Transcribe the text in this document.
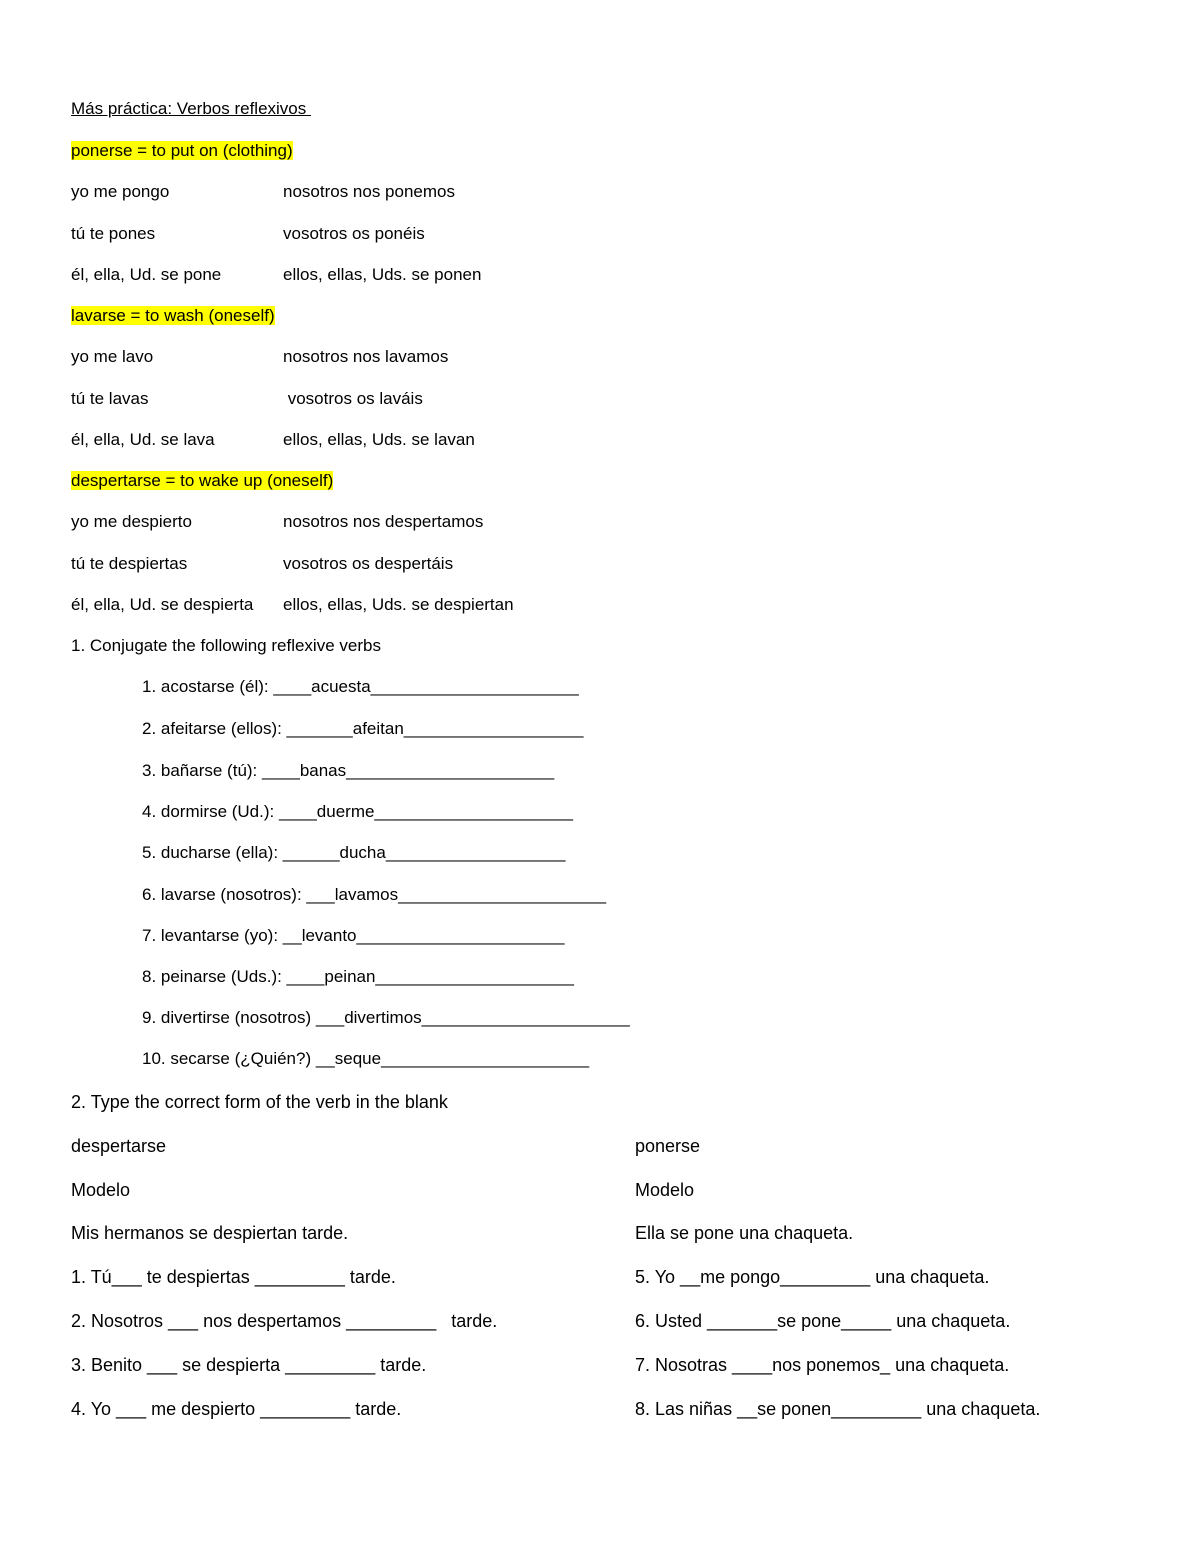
Más práctica: Verbos reflexivos
ponerse = to put on (clothing)
yo me pongo	nosotros nos ponemos
tú te pones	vosotros os ponéis
él, ella, Ud. se pone	ellos, ellas, Uds. se ponen
lavarse = to wash (oneself)
yo me lavo	nosotros nos lavamos
tú te lavas	vosotros os laváis
él, ella, Ud. se lava	ellos, ellas, Uds. se lavan
despertarse = to wake up (oneself)
yo me despierto	nosotros nos despertamos
tú te despiertas	vosotros os despertáis
él, ella, Ud. se despierta ellos, ellas, Uds. se despiertan
1. Conjugate the following reflexive verbs
1. acostarse (él): ____acuesta______________________
2. afeitarse (ellos): _______afeitan___________________
3. bañarse (tú): ____banas______________________
4. dormirse (Ud.): ____duerme_____________________
5. ducharse (ella): ______ducha___________________
6. lavarse (nosotros): ___lavamos______________________
7. levantarse (yo): __levanto______________________
8. peinarse (Uds.): ____peinan_____________________
9. divertirse (nosotros) ___divertimos______________________
10. secarse (¿Quién?) __seque______________________
2. Type the correct form of the verb in the blank
despertarse	ponerse
Modelo	Modelo
Mis hermanos se despiertan tarde.	Ella se pone una chaqueta.
1. Tú___ te despiertas _________ tarde.	5. Yo __me pongo_________ una chaqueta.
2. Nosotros ___ nos despertamos _________   tarde.	6. Usted _______se pone_____ una chaqueta.
3. Benito ___ se despierta _________ tarde.	7. Nosotras ____nos ponemos_ una chaqueta.
4. Yo ___ me despierto _________ tarde.	8. Las niñas __se ponen_________ una chaqueta.
